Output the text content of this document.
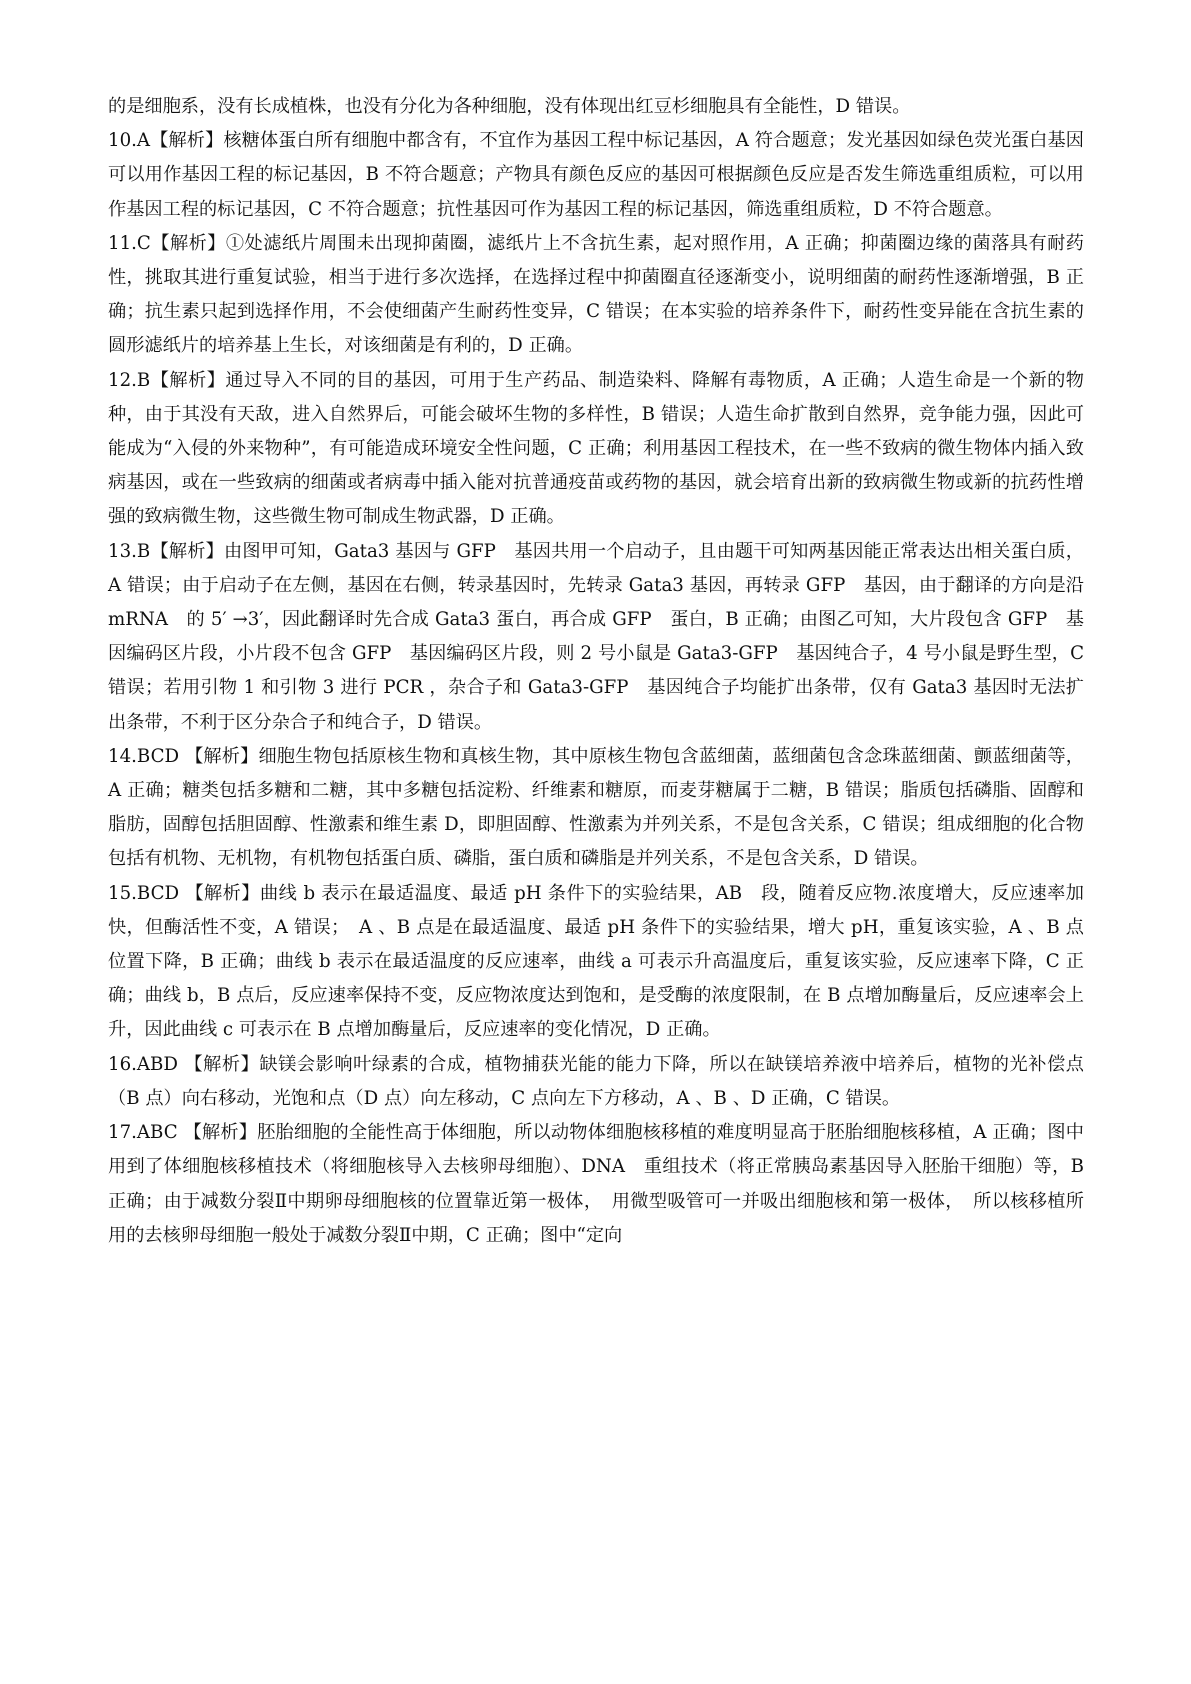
的是细胞系，没有长成植株，也没有分化为各种细胞，没有体现出红豆杉细胞具有全能性，D 错误。

10.A【解析】核糖体蛋白所有细胞中都含有，不宜作为基因工程中标记基因，A 符合题意；发光基因如绿色荧光蛋白基因可以用作基因工程的标记基因，B 不符合题意；产物具有颜色反应的基因可根据颜色反应是否发生筛选重组质粒，可以用作基因工程的标记基因，C 不符合题意；抗性基因可作为基因工程的标记基因，筛选重组质粒，D 不符合题意。

11.C【解析】①处滤纸片周围未出现抑菌圈，滤纸片上不含抗生素，起对照作用，A 正确；抑菌圈边缘的菌落具有耐药性，挑取其进行重复试验，相当于进行多次选择，在选择过程中抑菌圈直径逐渐变小，说明细菌的耐药性逐渐增强，B 正确；抗生素只起到选择作用，不会使细菌产生耐药性变异，C 错误；在本实验的培养条件下，耐药性变异能在含抗生素的圆形滤纸片的培养基上生长，对该细菌是有利的，D 正确。

12.B【解析】通过导入不同的目的基因，可用于生产药品、制造染料、降解有毒物质，A 正确；人造生命是一个新的物种，由于其没有天敌，进入自然界后，可能会破坏生物的多样性，B 错误；人造生命扩散到自然界，竞争能力强，因此可能成为“入侵的外来物种”，有可能造成环境安全性问题，C 正确；利用基因工程技术，在一些不致病的微生物体内插入致病基因，或在一些致病的细菌或者病毒中插入能对抗普通疫苗或药物的基因，就会培育出新的致病微生物或新的抗药性增强的致病微生物，这些微生物可制成生物武器，D 正确。

13.B【解析】由图甲可知，Gata3 基因与 GFP　基因共用一个启动子，且由题干可知两基因能正常表达出相关蛋白质，A 错误；由于启动子在左侧，基因在右侧，转录基因时，先转录 Gata3 基因，再转录 GFP　基因，由于翻译的方向是沿 mRNA　的 5′ →3′，因此翻译时先合成 Gata3 蛋白，再合成 GFP　蛋白，B 正确；由图乙可知，大片段包含 GFP　基因编码区片段，小片段不包含 GFP　基因编码区片段，则 2 号小鼠是 Gata3-GFP　基因纯合子，4 号小鼠是野生型，C 错误；若用引物 1 和引物 3 进行 PCR ，杂合子和 Gata3-GFP　基因纯合子均能扩出条带，仅有 Gata3 基因时无法扩出条带，不利于区分杂合子和纯合子，D 错误。

14.BCD 【解析】细胞生物包括原核生物和真核生物，其中原核生物包含蓝细菌，蓝细菌包含念珠蓝细菌、颤蓝细菌等，A 正确；糖类包括多糖和二糖，其中多糖包括淀粉、纤维素和糖原，而麦芽糖属于二糖，B 错误；脂质包括磷脂、固醇和脂肪，固醇包括胆固醇、性激素和维生素 D，即胆固醇、性激素为并列关系，不是包含关系，C 错误；组成细胞的化合物包括有机物、无机物，有机物包括蛋白质、磷脂，蛋白质和磷脂是并列关系，不是包含关系，D 错误。

15.BCD 【解析】曲线 b 表示在最适温度、最适 pH 条件下的实验结果，AB　段，随着反应物.浓度增大，反应速率加快，但酶活性不变，A 错误；　A 、B 点是在最适温度、最适 pH 条件下的实验结果，增大 pH，重复该实验，A 、B 点位置下降，B 正确；曲线 b 表示在最适温度的反应速率，曲线 a 可表示升高温度后，重复该实验，反应速率下降，C 正确；曲线 b，B 点后，反应速率保持不变，反应物浓度达到饱和，是受酶的浓度限制，在 B 点增加酶量后，反应速率会上升，因此曲线 c 可表示在 B 点增加酶量后，反应速率的变化情况，D 正确。

16.ABD 【解析】缺镁会影响叶绿素的合成，植物捕获光能的能力下降，所以在缺镁培养液中培养后，植物的光补偿点（B 点）向右移动，光饱和点（D 点）向左移动，C 点向左下方移动，A 、B 、D 正确，C 错误。

17.ABC 【解析】胚胎细胞的全能性高于体细胞，所以动物体细胞核移植的难度明显高于胚胎细胞核移植，A 正确；图中用到了体细胞核移植技术（将细胞核导入去核卵母细胞）、DNA　重组技术（将正常胰岛素基因导入胚胎干细胞）等，B 正确；由于减数分裂Ⅱ中期卵母细胞核的位置靠近第一极体，　用微型吸管可一并吸出细胞核和第一极体，　所以核移植所用的去核卵母细胞一般处于减数分裂Ⅱ中期，C 正确；图中“定向
